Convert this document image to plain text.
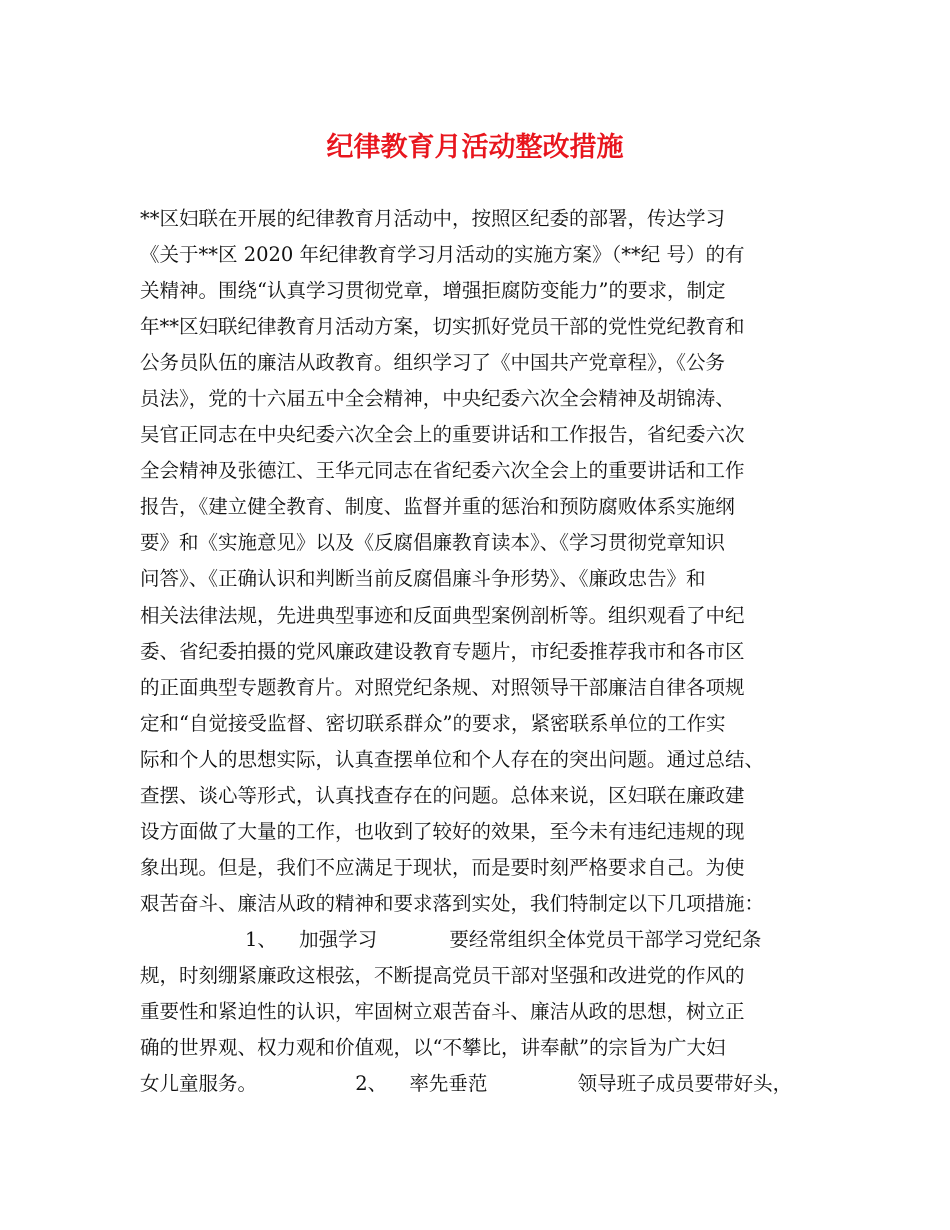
纪律教育月活动整改措施
**区妇联在开展的纪律教育月活动中，按照区纪委的部署，传达学习
《关于**区 2020 年纪律教育学习月活动的实施方案》（**纪 号）的有
关精神。围绕“认真学习贯彻党章，增强拒腐防变能力”的要求，制定
年**区妇联纪律教育月活动方案，切实抓好党员干部的党性党纪教育和
公务员队伍的廉洁从政教育。组织学习了《中国共产党章程》，《公务
员法》，党的十六届五中全会精神，中央纪委六次全会精神及胡锦涛、
吴官正同志在中央纪委六次全会上的重要讲话和工作报告，省纪委六次
全会精神及张德江、王华元同志在省纪委六次全会上的重要讲话和工作
报告，《建立健全教育、制度、监督并重的惩治和预防腐败体系实施纲
要》和《实施意见》以及《反腐倡廉教育读本》、《学习贯彻党章知识
问答》、《正确认识和判断当前反腐倡廉斗争形势》、《廉政忠告》和
相关法律法规，先进典型事迹和反面典型案例剖析等。组织观看了中纪
委、省纪委拍摄的党风廉政建设教育专题片，市纪委推荐我市和各市区
的正面典型专题教育片。对照党纪条规、对照领导干部廉洁自律各项规
定和“自觉接受监督、密切联系群众”的要求，紧密联系单位的工作实
际和个人的思想实际，认真查摆单位和个人存在的突出问题。通过总结、
查摆、谈心等形式，认真找查存在的问题。总体来说，区妇联在廉政建
设方面做了大量的工作，也收到了较好的效果，至今未有违纪违规的现
象出现。但是，我们不应满足于现状，而是要时刻严格要求自己。为使
艰苦奋斗、廉洁从政的精神和要求落到实处，我们特制定以下几项措施：
1、 加强学习	要经常组织全体党员干部学习党纪条
规，时刻绷紧廉政这根弦，不断提高党员干部对坚强和改进党的作风的
重要性和紧迫性的认识，牢固树立艰苦奋斗、廉洁从政的思想，树立正
确的世界观、权力观和价值观，以“不攀比，讲奉献”的宗旨为广大妇
女儿童服务。	2、 率先垂范	领导班子成员要带好头，
